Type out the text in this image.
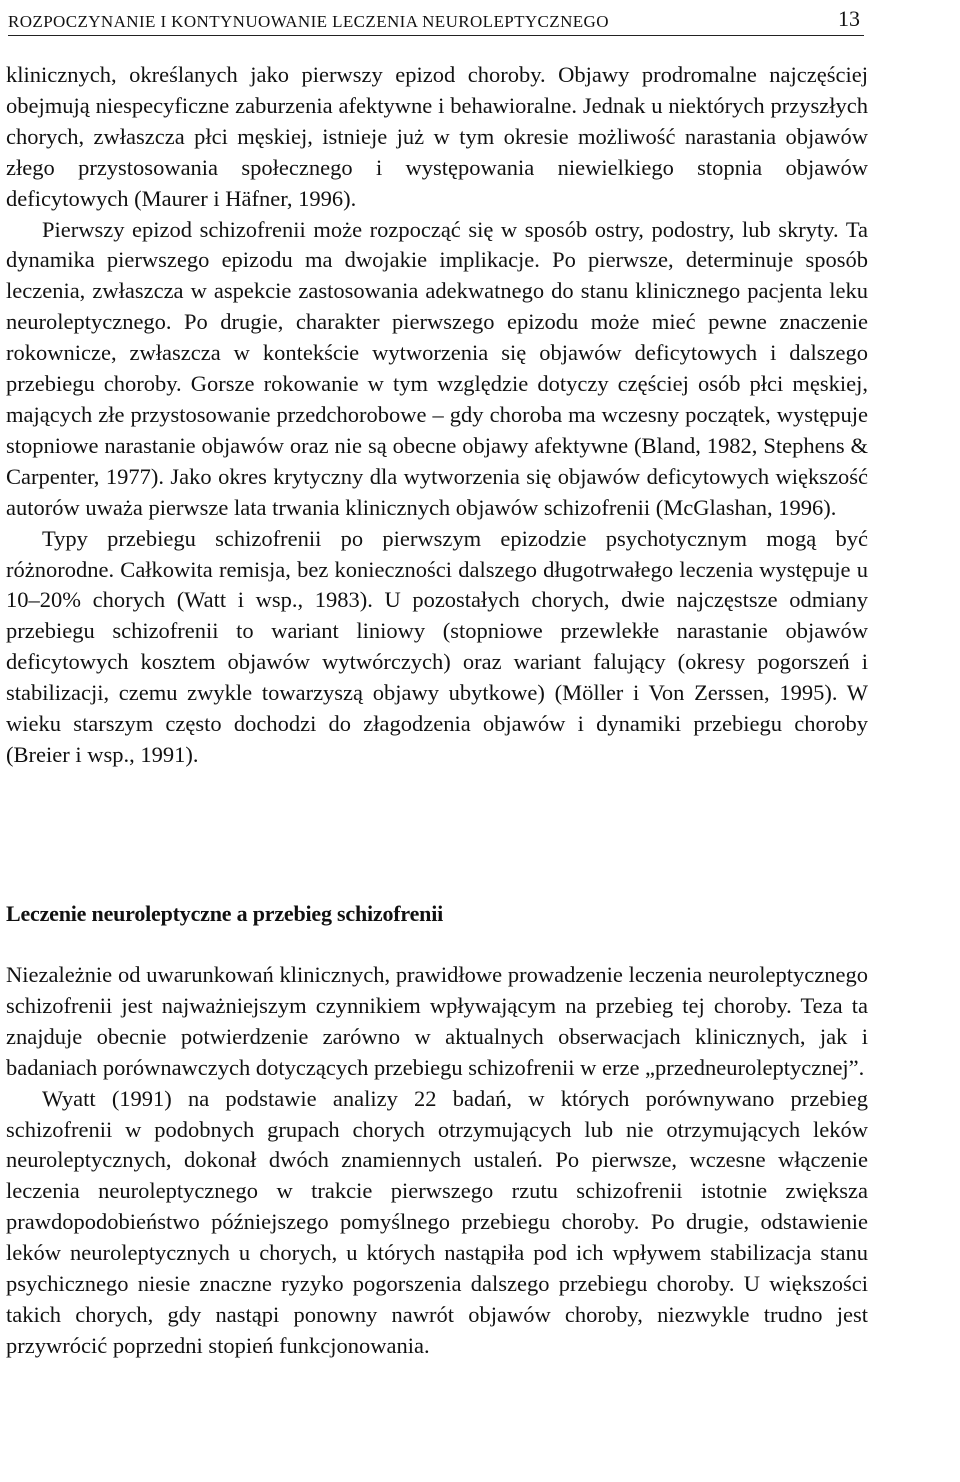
ROZPOCZYNANIE I KONTYNUOWANIE LECZENIA NEUROLEPTYCZNEGO	13

klinicznych, określanych jako pierwszy epizod choroby. Objawy prodromalne najczęściej obejmują niespecyficzne zaburzenia afektywne i behawioralne. Jednak u niektórych przyszłych chorych, zwłaszcza płci męskiej, istnieje już w tym okresie możliwość narastania objawów złego przystosowania społecznego i występowania niewielkiego stopnia objawów deficytowych (Maurer i Häfner, 1996).

Pierwszy epizod schizofrenii może rozpocząć się w sposób ostry, podostry, lub skryty. Ta dynamika pierwszego epizodu ma dwojakie implikacje. Po pierwsze, determinuje sposób leczenia, zwłaszcza w aspekcie zastosowania adekwatnego do stanu klinicznego pacjenta leku neuroleptycznego. Po drugie, charakter pierwszego epizodu może mieć pewne znaczenie rokownicze, zwłaszcza w kontekście wytworzenia się objawów deficytowych i dalszego przebiegu choroby. Gorsze rokowanie w tym względzie dotyczy częściej osób płci męskiej, mających złe przystosowanie przedchorobowe – gdy choroba ma wczesny początek, występuje stopniowe narastanie objawów oraz nie są obecne objawy afektywne (Bland, 1982, Stephens & Carpenter, 1977). Jako okres krytyczny dla wytworzenia się objawów deficytowych większość autorów uważa pierwsze lata trwania klinicznych objawów schizofrenii (McGlashan, 1996).

Typy przebiegu schizofrenii po pierwszym epizodzie psychotycznym mogą być różnorodne. Całkowita remisja, bez konieczności dalszego długotrwałego leczenia występuje u 10–20% chorych (Watt i wsp., 1983). U pozostałych chorych, dwie najczęstsze odmiany przebiegu schizofrenii to wariant liniowy (stopniowe przewlekłe narastanie objawów deficytowych kosztem objawów wytwórczych) oraz wariant falujący (okresy pogorszeń i stabilizacji, czemu zwykle towarzyszą objawy ubytkowe) (Möller i Von Zerssen, 1995). W wieku starszym często dochodzi do złagodzenia objawów i dynamiki przebiegu choroby (Breier i wsp., 1991).

Leczenie neuroleptyczne a przebieg schizofrenii

Niezależnie od uwarunkowań klinicznych, prawidłowe prowadzenie leczenia neuroleptycznego schizofrenii jest najważniejszym czynnikiem wpływającym na przebieg tej choroby. Teza ta znajduje obecnie potwierdzenie zarówno w aktualnych obserwacjach klinicznych, jak i badaniach porównawczych dotyczących przebiegu schizofrenii w erze „przedneuroleptycznej”.

Wyatt (1991) na podstawie analizy 22 badań, w których porównywano przebieg schizofrenii w podobnych grupach chorych otrzymujących lub nie otrzymujących leków neuroleptycznych, dokonał dwóch znamiennych ustaleń. Po pierwsze, wczesne włączenie leczenia neuroleptycznego w trakcie pierwszego rzutu schizofrenii istotnie zwiększa prawdopodobieństwo późniejszego pomyślnego przebiegu choroby. Po drugie, odstawienie leków neuroleptycznych u chorych, u których nastąpiła pod ich wpływem stabilizacja stanu psychicznego niesie znaczne ryzyko pogorszenia dalszego przebiegu choroby. U większości takich chorych, gdy nastąpi ponowny nawrót objawów choroby, niezwykle trudno jest przywrócić poprzedni stopień funkcjonowania.
